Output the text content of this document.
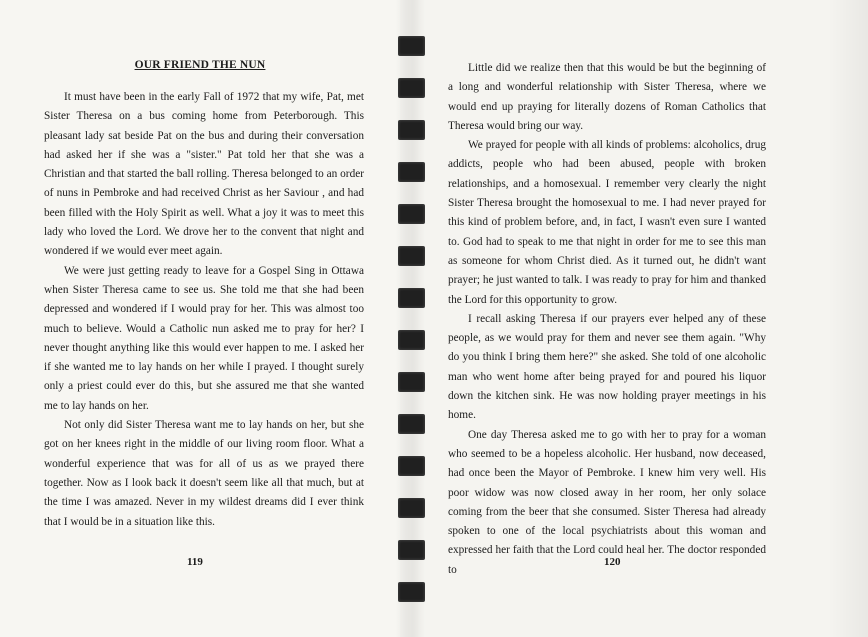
OUR FRIEND THE NUN

It must have been in the early Fall of 1972 that my wife, Pat, met Sister Theresa on a bus coming home from Peterborough. This pleasant lady sat beside Pat on the bus and during their conversation had asked her if she was a "sister." Pat told her that she was a Christian and that started the ball rolling. Theresa belonged to an order of nuns in Pembroke and had received Christ as her Saviour , and had been filled with the Holy Spirit as well. What a joy it was to meet this lady who loved the Lord. We drove her to the convent that night and wondered if we would ever meet again.

We were just getting ready to leave for a Gospel Sing in Ottawa when Sister Theresa came to see us. She told me that she had been depressed and wondered if I would pray for her. This was almost too much to believe. Would a Catholic nun asked me to pray for her? I never thought anything like this would ever happen to me. I asked her if she wanted me to lay hands on her while I prayed. I thought surely only a priest could ever do this, but she assured me that she wanted me to lay hands on her.

Not only did Sister Theresa want me to lay hands on her, but she got on her knees right in the middle of our living room floor. What a wonderful experience that was for all of us as we prayed there together. Now as I look back it doesn't seem like all that much, but at the time I was amazed. Never in my wildest dreams did I ever think that I would be in a situation like this.

119

Little did we realize then that this would be but the beginning of a long and wonderful relationship with Sister Theresa, where we would end up praying for literally dozens of Roman Catholics that Theresa would bring our way.

We prayed for people with all kinds of problems: alcoholics, drug addicts, people who had been abused, people with broken relationships, and a homosexual. I remember very clearly the night Sister Theresa brought the homosexual to me. I had never prayed for this kind of problem before, and, in fact, I wasn't even sure I wanted to. God had to speak to me that night in order for me to see this man as someone for whom Christ died. As it turned out, he didn't want prayer; he just wanted to talk. I was ready to pray for him and thanked the Lord for this opportunity to grow.

I recall asking Theresa if our prayers ever helped any of these people, as we would pray for them and never see them again. "Why do you think I bring them here?" she asked. She told of one alcoholic man who went home after being prayed for and poured his liquor down the kitchen sink. He was now holding prayer meetings in his home.

One day Theresa asked me to go with her to pray for a woman who seemed to be a hopeless alcoholic. Her husband, now deceased, had once been the Mayor of Pembroke. I knew him very well. His poor widow was now closed away in her room, her only solace coming from the beer that she consumed. Sister Theresa had already spoken to one of the local psychiatrists about this woman and expressed her faith that the Lord could heal her. The doctor responded to

120
